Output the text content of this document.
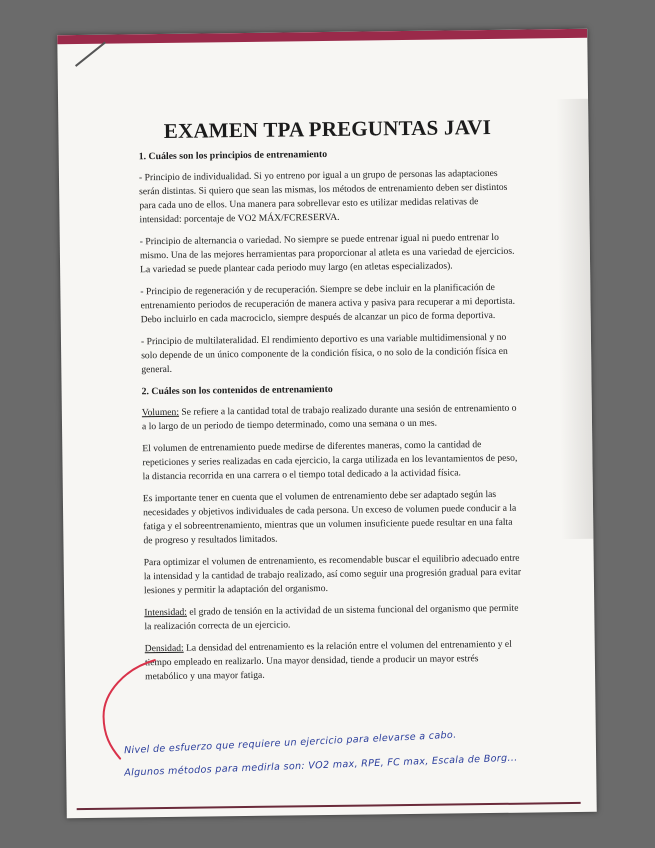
EXAMEN TPA PREGUNTAS JAVI
1. Cuáles son los principios de entrenamiento

- Principio de individualidad. Si yo entreno por igual a un grupo de personas las adaptaciones serán distintas. Si quiero que sean las mismas, los métodos de entrenamiento deben ser distintos para cada uno de ellos. Una manera para sobrellevar esto es utilizar medidas relativas de intensidad: porcentaje de VO2 MÁX/FCRESERVA.

- Principio de alternancia o variedad. No siempre se puede entrenar igual ni puedo entrenar lo mismo. Una de las mejores herramientas para proporcionar al atleta es una variedad de ejercicios. La variedad se puede plantear cada periodo muy largo (en atletas especializados).

- Principio de regeneración y de recuperación. Siempre se debe incluir en la planificación de entrenamiento periodos de recuperación de manera activa y pasiva para recuperar a mi deportista. Debo incluirlo en cada macrociclo, siempre después de alcanzar un pico de forma deportiva.

- Principio de multilateralidad. El rendimiento deportivo es una variable multidimensional y no solo depende de un único componente de la condición física, o no solo de la condición física en general.

2. Cuáles son los contenidos de entrenamiento

Volumen: Se refiere a la cantidad total de trabajo realizado durante una sesión de entrenamiento o a lo largo de un periodo de tiempo determinado, como una semana o un mes.

El volumen de entrenamiento puede medirse de diferentes maneras, como la cantidad de repeticiones y series realizadas en cada ejercicio, la carga utilizada en los levantamientos de peso, la distancia recorrida en una carrera o el tiempo total dedicado a la actividad física.

Es importante tener en cuenta que el volumen de entrenamiento debe ser adaptado según las necesidades y objetivos individuales de cada persona. Un exceso de volumen puede conducir a la fatiga y el sobreentrenamiento, mientras que un volumen insuficiente puede resultar en una falta de progreso y resultados limitados.

Para optimizar el volumen de entrenamiento, es recomendable buscar el equilibrio adecuado entre la intensidad y la cantidad de trabajo realizado, así como seguir una progresión gradual para evitar lesiones y permitir la adaptación del organismo.

Intensidad: el grado de tensión en la actividad de un sistema funcional del organismo que permite la realización correcta de un ejercicio.

Densidad: La densidad del entrenamiento es la relación entre el volumen del entrenamiento y el tiempo empleado en realizarlo. Una mayor densidad, tiende a producir un mayor estrés metabólico y una mayor fatiga.

Nivel de esfuerzo que requiere un ejercicio para elevarse a cabo.
Algunos métodos para medirla son: VO2 max, RPE, FC max, Escala de Borg...
